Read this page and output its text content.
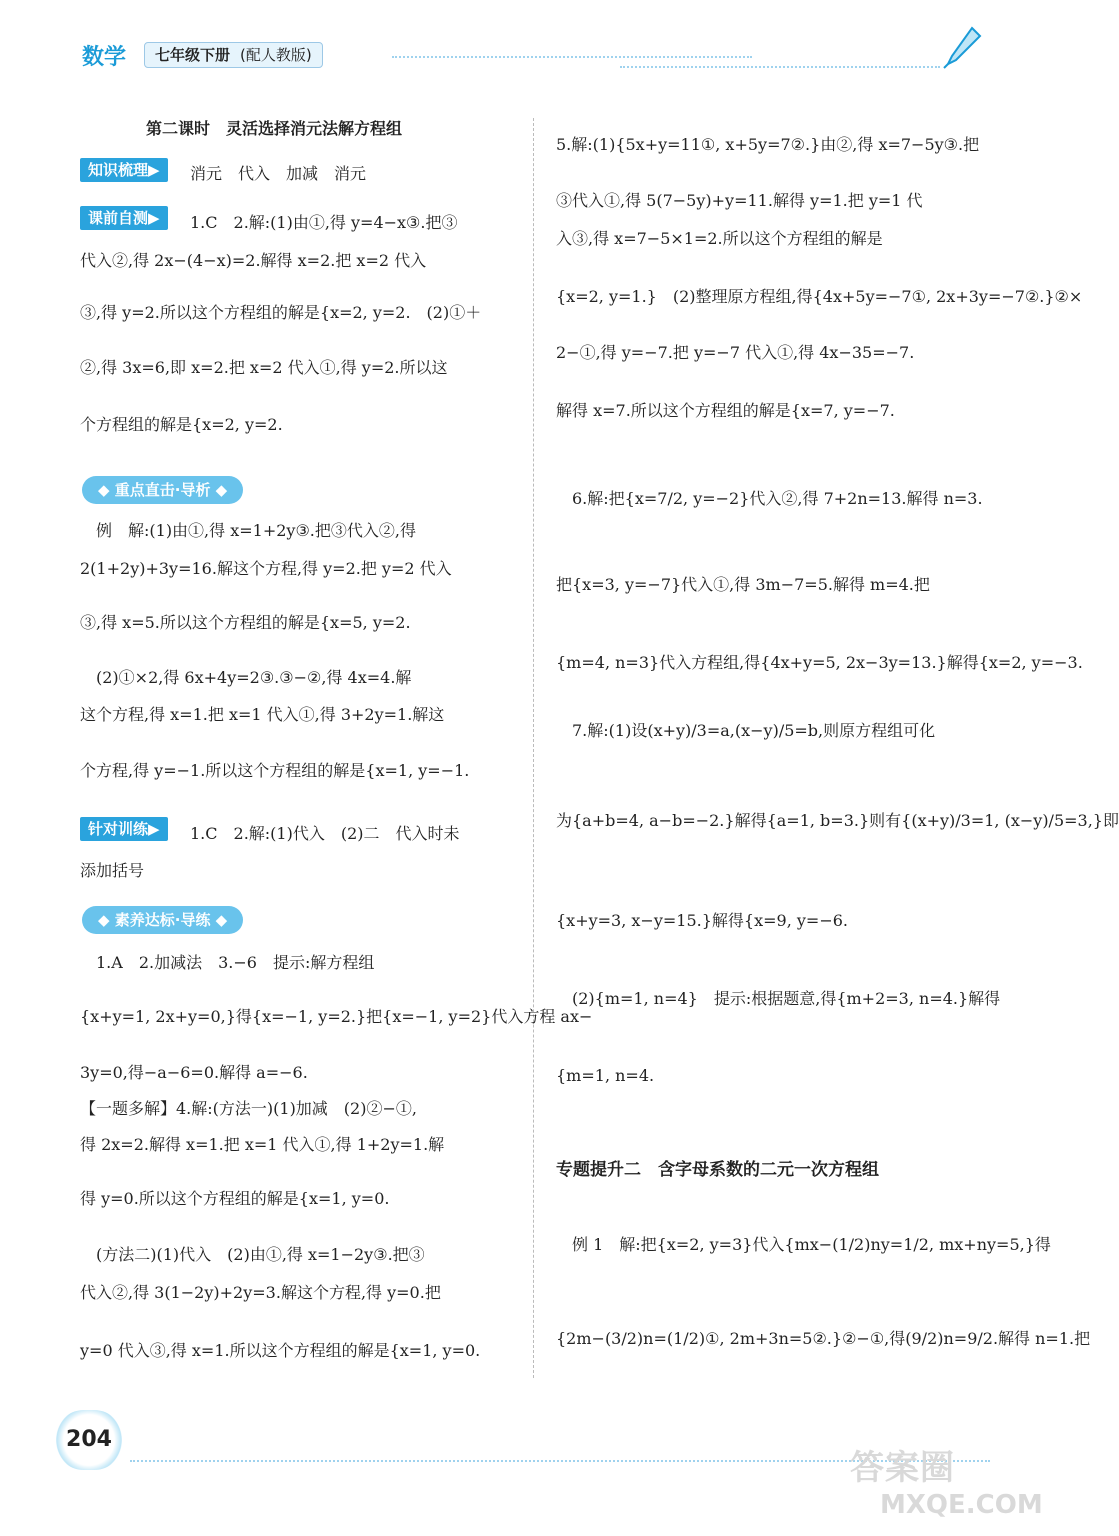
数学	七年级下册 (配人教版)
第二课时　灵活选择消元法解方程组
知识梳理▶	消元　代入　加减　消元
课前自测▶	1.C　2.解:(1)由①,得 y=4−x③.把③
代入②,得 2x−(4−x)=2.解得 x=2.把 x=2 代入
③,得 y=2.所以这个方程组的解是{x=2, y=2.　(2)①＋
②,得 3x=6,即 x=2.把 x=2 代入①,得 y=2.所以这
个方程组的解是{x=2, y=2.
◆ 重点直击·导析 ◆
　例　解:(1)由①,得 x=1+2y③.把③代入②,得
2(1+2y)+3y=16.解这个方程,得 y=2.把 y=2 代入
③,得 x=5.所以这个方程组的解是{x=5, y=2.
　(2)①×2,得 6x+4y=2③.③−②,得 4x=4.解
这个方程,得 x=1.把 x=1 代入①,得 3+2y=1.解这
个方程,得 y=−1.所以这个方程组的解是{x=1, y=−1.
针对训练▶	1.C　2.解:(1)代入　(2)二　代入时未
添加括号
◆ 素养达标·导练 ◆
　1.A　2.加减法　3.−6　提示:解方程组
{x+y=1, 2x+y=0,}得{x=−1, y=2.}把{x=−1, y=2}代入方程 ax−
3y=0,得−a−6=0.解得 a=−6.
【一题多解】4.解:(方法一)(1)加减　(2)②−①,
得 2x=2.解得 x=1.把 x=1 代入①,得 1+2y=1.解
得 y=0.所以这个方程组的解是{x=1, y=0.
　(方法二)(1)代入　(2)由①,得 x=1−2y③.把③
代入②,得 3(1−2y)+2y=3.解这个方程,得 y=0.把
y=0 代入③,得 x=1.所以这个方程组的解是{x=1, y=0.
5.解:(1){5x+y=11①, x+5y=7②.}由②,得 x=7−5y③.把
③代入①,得 5(7−5y)+y=11.解得 y=1.把 y=1 代
入③,得 x=7−5×1=2.所以这个方程组的解是
{x=2, y=1.}　(2)整理原方程组,得{4x+5y=−7①, 2x+3y=−7②.}②×
2−①,得 y=−7.把 y=−7 代入①,得 4x−35=−7.
解得 x=7.所以这个方程组的解是{x=7, y=−7.
　6.解:把{x=7/2, y=−2}代入②,得 7+2n=13.解得 n=3.
把{x=3, y=−7}代入①,得 3m−7=5.解得 m=4.把
{m=4, n=3}代入方程组,得{4x+y=5, 2x−3y=13.}解得{x=2, y=−3.
　7.解:(1)设(x+y)/3=a,(x−y)/5=b,则原方程组可化
为{a+b=4, a−b=−2.}解得{a=1, b=3.}则有{(x+y)/3=1, (x−y)/5=3,}即
{x+y=3, x−y=15.}解得{x=9, y=−6.
　(2){m=1, n=4}　提示:根据题意,得{m+2=3, n=4.}解得
{m=1, n=4.
专题提升二　含字母系数的二元一次方程组
　例 1　解:把{x=2, y=3}代入{mx−(1/2)ny=1/2, mx+ny=5,}得
{2m−(3/2)n=(1/2)①, 2m+3n=5②.}②−①,得(9/2)n=9/2.解得 n=1.把
204
答案圈
MXQE.COM
